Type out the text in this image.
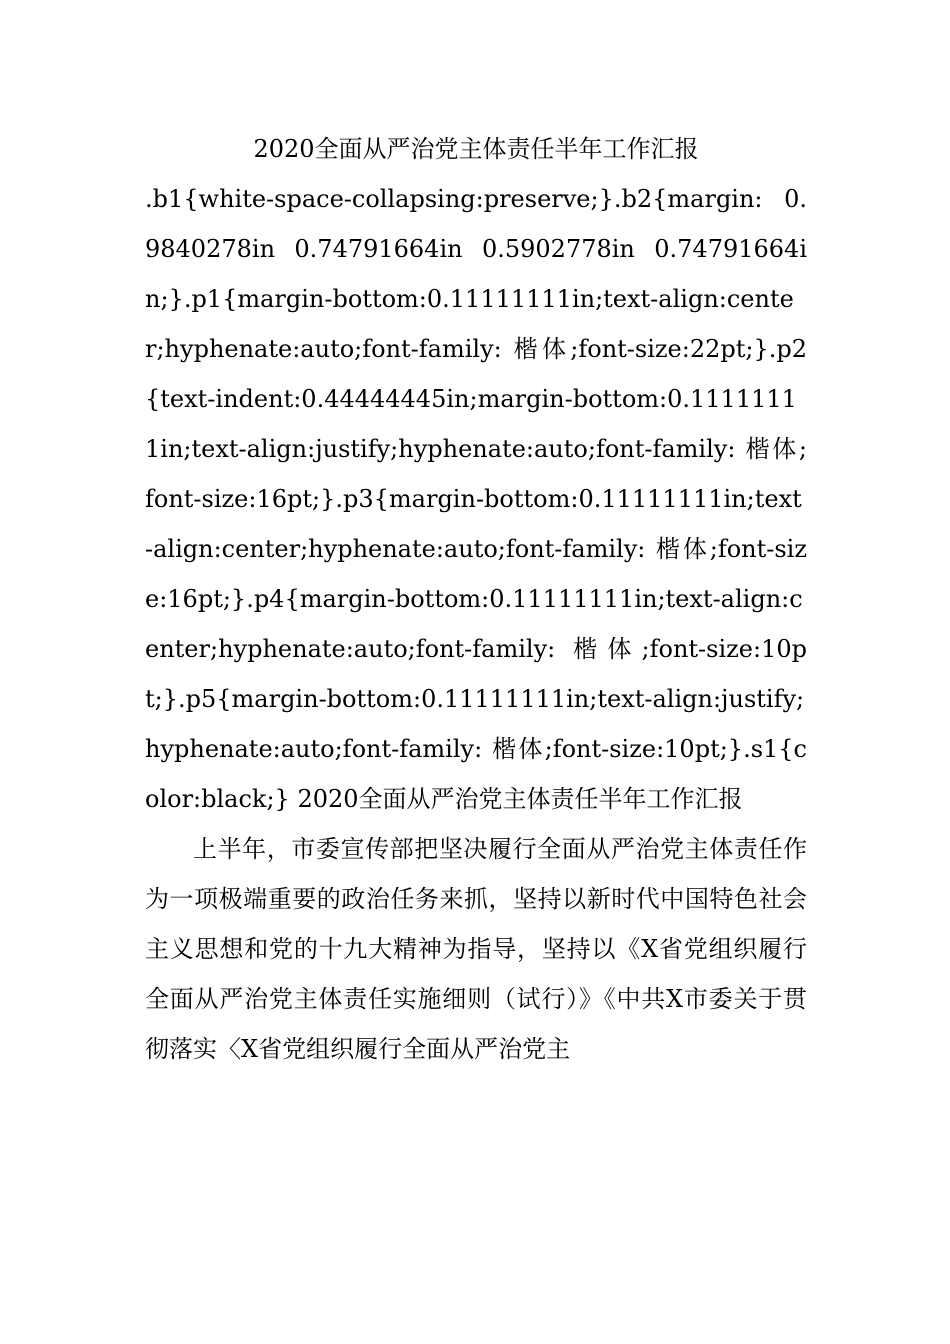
2020全面从严治党主体责任半年工作汇报

.b1{white-space-collapsing:preserve;}.b2{margin: 0.9840278in 0.74791664in 0.5902778in 0.74791664in;}.p1{margin-bottom:0.11111111in;text-align:center;hyphenate:auto;font-family: 楷体;font-size:22pt;}.p2{text-indent:0.44444445in;margin-bottom:0.11111111in;text-align:justify;hyphenate:auto;font-family: 楷体;font-size:16pt;}.p3{margin-bottom:0.11111111in;text-align:center;hyphenate:auto;font-family: 楷体;font-size:16pt;}.p4{margin-bottom:0.11111111in;text-align:center;hyphenate:auto;font-family: 楷体;font-size:10pt;}.p5{margin-bottom:0.11111111in;text-align:justify;hyphenate:auto;font-family: 楷体;font-size:10pt;}.s1{color:black;} 2020全面从严治党主体责任半年工作汇报

上半年，市委宣传部把坚决履行全面从严治党主体责任作为一项极端重要的政治任务来抓，坚持以新时代中国特色社会主义思想和党的十九大精神为指导，坚持以《X省党组织履行全面从严治党主体责任实施细则（试行）》《中共X市委关于贯彻落实〈X省党组织履行全面从严治党主
